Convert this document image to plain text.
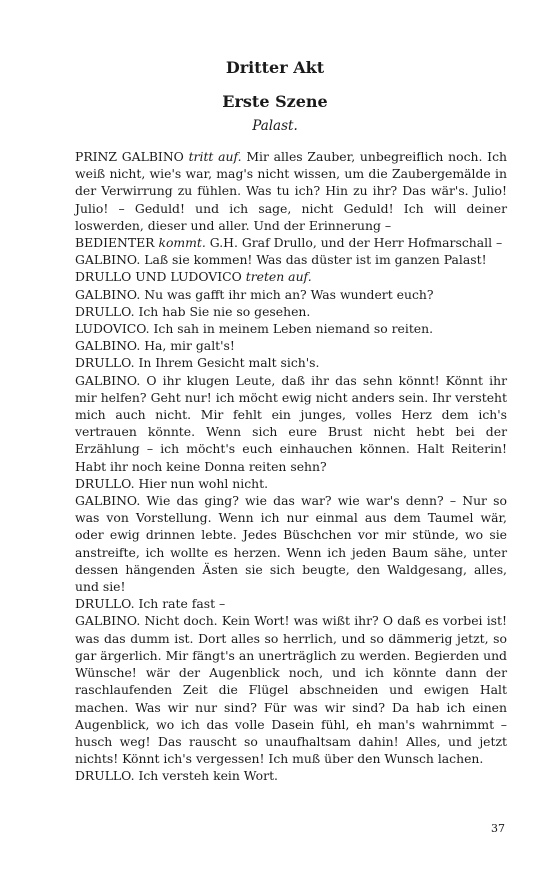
Dritter Akt
Erste Szene
Palast.

PRINZ GALBINO tritt auf. Mir alles Zauber, unbegreiflich noch. Ich weiß nicht, wie's war, mag's nicht wissen, um die Zaubergemälde in der Verwirrung zu fühlen. Was tu ich? Hin zu ihr? Das wär's. Julio! Julio! – Geduld! und ich sage, nicht Geduld! Ich will deiner loswerden, dieser und aller. Und der Erinnerung –

BEDIENTER kommt. G.H. Graf Drullo, und der Herr Hofmarschall –

GALBINO. Laß sie kommen! Was das düster ist im ganzen Palast!

DRULLO UND LUDOVICO treten auf.

GALBINO. Nu was gafft ihr mich an? Was wundert euch?

DRULLO. Ich hab Sie nie so gesehen.

LUDOVICO. Ich sah in meinem Leben niemand so reiten.

GALBINO. Ha, mir galt's!

DRULLO. In Ihrem Gesicht malt sich's.

GALBINO. O ihr klugen Leute, daß ihr das sehn könnt! Könnt ihr mir helfen? Geht nur! ich möcht ewig nicht anders sein. Ihr versteht mich auch nicht. Mir fehlt ein junges, volles Herz dem ich's vertrauen könnte. Wenn sich eure Brust nicht hebt bei der Erzählung – ich möcht's euch einhauchen können. Halt Reiterin! Habt ihr noch keine Donna reiten sehn?

DRULLO. Hier nun wohl nicht.

GALBINO. Wie das ging? wie das war? wie war's denn? – Nur so was von Vorstellung. Wenn ich nur einmal aus dem Taumel wär, oder ewig drinnen lebte. Jedes Büschchen vor mir stünde, wo sie anstreifte, ich wollte es herzen. Wenn ich jeden Baum sähe, unter dessen hängenden Ästen sie sich beugte, den Waldgesang, alles, und sie!

DRULLO. Ich rate fast –

GALBINO. Nicht doch. Kein Wort! was wißt ihr? O daß es vorbei ist! was das dumm ist. Dort alles so herrlich, und so dämmerig jetzt, so gar ärgerlich. Mir fängt's an unerträglich zu werden. Begierden und Wünsche! wär der Augenblick noch, und ich könnte dann der raschlaufenden Zeit die Flügel abschneiden und ewigen Halt machen. Was wir nur sind? Für was wir sind? Da hab ich einen Augenblick, wo ich das volle Dasein fühl, eh man's wahrnimmt – husch weg! Das rauscht so unaufhaltsam dahin! Alles, und jetzt nichts! Könnt ich's vergessen! Ich muß über den Wunsch lachen.

DRULLO. Ich versteh kein Wort.

37
